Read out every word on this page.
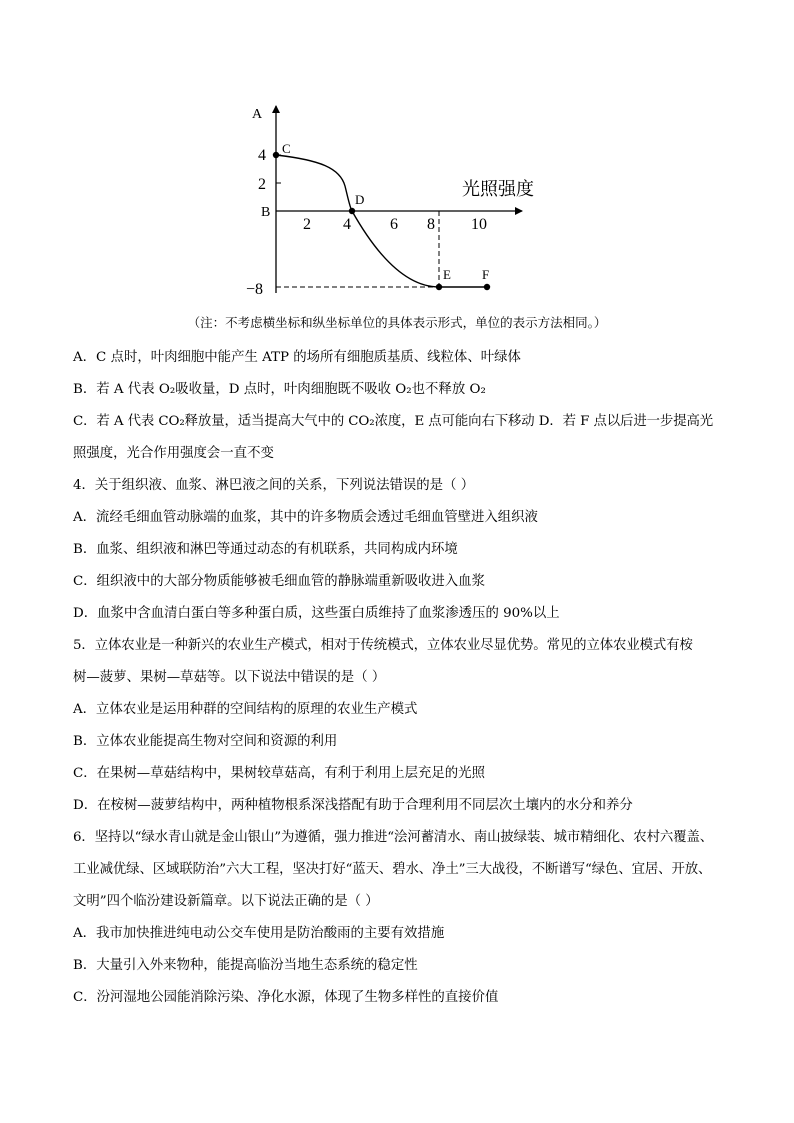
A
B
4
2
−8
2 4 6 8 10
光照强度
C
D
E F
（注：不考虑横坐标和纵坐标单位的具体表示形式，单位的表示方法相同。）
A．C 点时，叶肉细胞中能产生 ATP 的场所有细胞质基质、线粒体、叶绿体
B．若 A 代表 O₂吸收量，D 点时，叶肉细胞既不吸收 O₂也不释放 O₂
C．若 A 代表 CO₂释放量，适当提高大气中的 CO₂浓度，E 点可能向右下移动 D．若 F 点以后进一步提高光
照强度，光合作用强度会一直不变
4．关于组织液、血浆、淋巴液之间的关系，下列说法错误的是（ ）
A．流经毛细血管动脉端的血浆，其中的许多物质会透过毛细血管壁进入组织液
B．血浆、组织液和淋巴等通过动态的有机联系，共同构成内环境
C．组织液中的大部分物质能够被毛细血管的静脉端重新吸收进入血浆
D．血浆中含血清白蛋白等多种蛋白质，这些蛋白质维持了血浆渗透压的 90%以上
5．立体农业是一种新兴的农业生产模式，相对于传统模式，立体农业尽显优势。常见的立体农业模式有桉
树—菠萝、果树—草菇等。以下说法中错误的是（ ）
A．立体农业是运用种群的空间结构的原理的农业生产模式
B．立体农业能提高生物对空间和资源的利用
C．在果树—草菇结构中，果树较草菇高，有利于利用上层充足的光照
D．在桉树—菠萝结构中，两种植物根系深浅搭配有助于合理利用不同层次土壤内的水分和养分
6．坚持以“绿水青山就是金山银山”为遵循，强力推进“浍河蓄清水、南山披绿装、城市精细化、农村六覆盖、
工业减优绿、区域联防治”六大工程，坚决打好“蓝天、碧水、净土”三大战役，不断谱写“绿色、宜居、开放、
文明”四个临汾建设新篇章。以下说法正确的是（ ）
A．我市加快推进纯电动公交车使用是防治酸雨的主要有效措施
B．大量引入外来物种，能提高临汾当地生态系统的稳定性
C．汾河湿地公园能消除污染、净化水源，体现了生物多样性的直接价值
